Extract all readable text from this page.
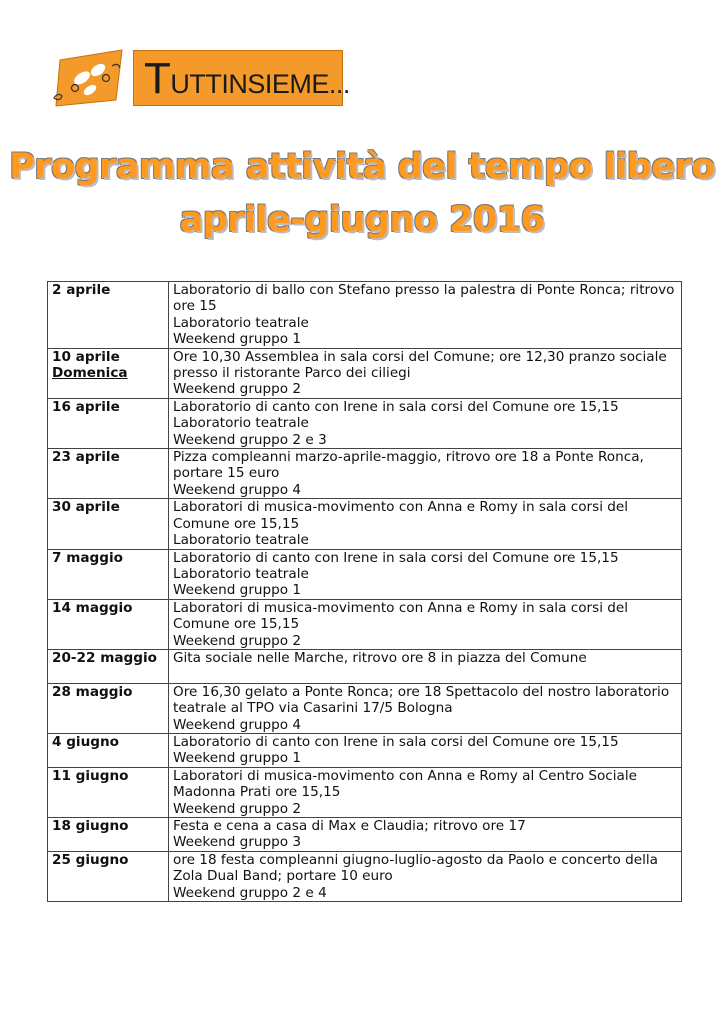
TUTTINSIEME...
Programma attività del tempo libero
aprile-giugno 2016
2 aprile	Laboratorio di ballo con Stefano presso la palestra di Ponte Ronca; ritrovo
ore 15
Laboratorio teatrale
Weekend gruppo 1

10 aprile
Domenica	Ore 10,30 Assemblea in sala corsi del Comune; ore 12,30 pranzo sociale
presso il ristorante Parco dei ciliegi
Weekend gruppo 2

16 aprile	Laboratorio di canto con Irene in sala corsi del Comune ore 15,15
Laboratorio teatrale
Weekend gruppo 2 e 3

23 aprile	Pizza compleanni marzo-aprile-maggio, ritrovo ore 18 a Ponte Ronca,
portare 15 euro
Weekend gruppo 4

30 aprile	Laboratori di musica-movimento con Anna e Romy in sala corsi del
Comune ore 15,15
Laboratorio teatrale

7 maggio	Laboratorio di canto con Irene in sala corsi del Comune ore 15,15
Laboratorio teatrale
Weekend gruppo 1

14 maggio	Laboratori di musica-movimento con Anna e Romy in sala corsi del
Comune ore 15,15
Weekend gruppo 2

20-22 maggio	Gita sociale nelle Marche, ritrovo ore 8 in piazza del Comune

28 maggio	Ore 16,30 gelato a Ponte Ronca; ore 18 Spettacolo del nostro laboratorio
teatrale al TPO via Casarini 17/5 Bologna
Weekend gruppo 4

4 giugno	Laboratorio di canto con Irene in sala corsi del Comune ore 15,15
Weekend gruppo 1

11 giugno	Laboratori di musica-movimento con Anna e Romy al Centro Sociale
Madonna Prati ore 15,15
Weekend gruppo 2

18 giugno	Festa e cena a casa di Max e Claudia; ritrovo ore 17
Weekend gruppo 3

25 giugno	ore 18 festa compleanni giugno-luglio-agosto da Paolo e concerto della
Zola Dual Band; portare 10 euro
Weekend gruppo 2 e 4
